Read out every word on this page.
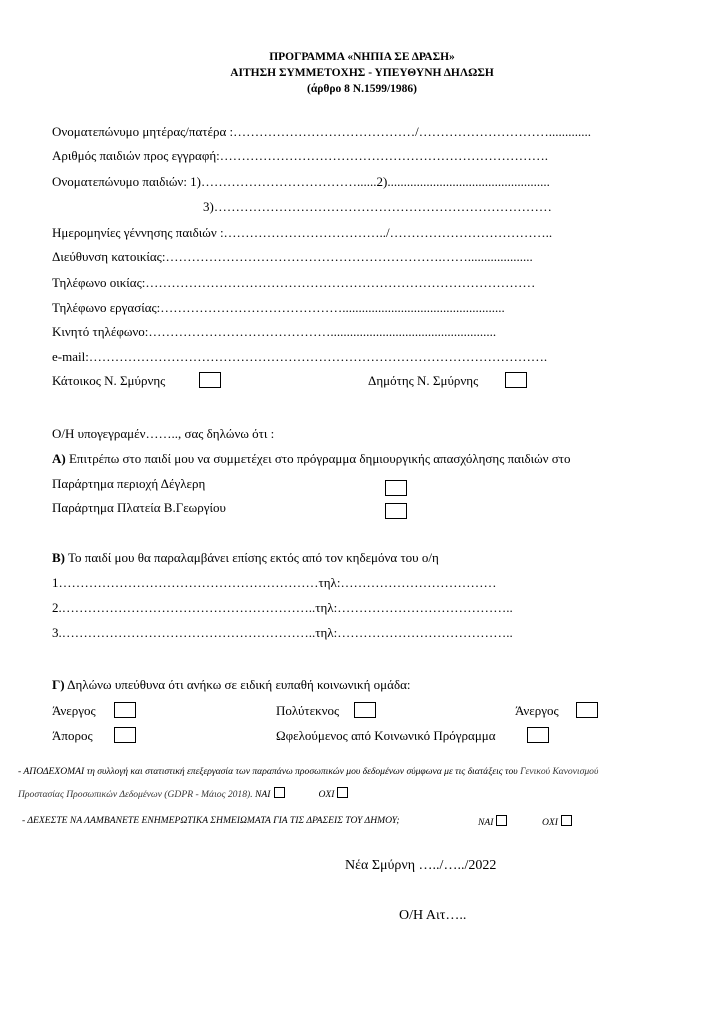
ΠΡΟΓΡΑΜΜΑ «ΝΗΠΙΑ ΣΕ ΔΡΑΣΗ»
ΑΙΤΗΣΗ ΣΥΜΜΕΤΟΧΗΣ - ΥΠΕΥΘΥΝΗ ΔΗΛΩΣΗ
(άρθρο 8 Ν.1599/1986)
Ονοματεπώνυμο μητέρας/πατέρα :……………………………………/………………………….............
Αριθμός παιδιών προς εγγραφή:………………………………………………………………….
Ονοματεπώνυμο παιδιών: 1)………………………………......2)..................................................
3)……………………………………………………………………
Ημερομηνίες γέννησης παιδιών :………………………………../………………………………..
Διεύθυνση κατοικίας:……………………………………………………….……....................
Τηλέφωνο οικίας:………………………………………………………………………………
Τηλέφωνο εργασίας:……………………………………..................................................
Κινητό τηλέφωνο:……………………………………...................................................
e-mail:…………………………………………………………………………………………….
Κάτοικος Ν. Σμύρνης	Δημότης Ν. Σμύρνης
Ο/Η υπογεγραμέν…….., σας δηλώνω ότι :
Α) Επιτρέπω στο παιδί μου να συμμετέχει στο πρόγραμμα δημιουργικής απασχόλησης παιδιών στο
Παράρτημα περιοχή Δέγλερη
Παράρτημα Πλατεία Β.Γεωργίου
Β) Το παιδί μου θα παραλαμβάνει επίσης εκτός από τον κηδεμόνα του ο/η
1……………………………………………………τηλ:………………………………
2.…………………………………………………..τηλ:…………………………………..
3.…………………………………………………..τηλ:…………………………………..
Γ) Δηλώνω υπεύθυνα ότι ανήκω σε ειδική ευπαθή κοινωνική ομάδα:
Άνεργος	Πολύτεκνος	Άνεργος
Άπορος	Ωφελούμενος από Κοινωνικό Πρόγραμμα
- ΑΠΟΔΕΧΟΜΑΙ τη συλλογή και στατιστική επεξεργασία των παραπάνω προσωπικών μου δεδομένων σύμφωνα με τις διατάξεις του Γενικού Κανονισμού
Προστασίας Προσωπικών Δεδομένων (GDPR - Μάιος 2018). ΝΑΙ	ΟΧΙ
- ΔΕΧΕΣΤΕ ΝΑ ΛΑΜΒΑΝΕΤΕ ΕΝΗΜΕΡΩΤΙΚΑ ΣΗΜΕΙΩΜΑΤΑ ΓΙΑ ΤΙΣ ΔΡΑΣΕΙΣ ΤΟΥ ΔΗΜΟΥ;	ΝΑΙ	ΟΧΙ
Νέα Σμύρνη …../…../2022
Ο/Η Αιτ…..
